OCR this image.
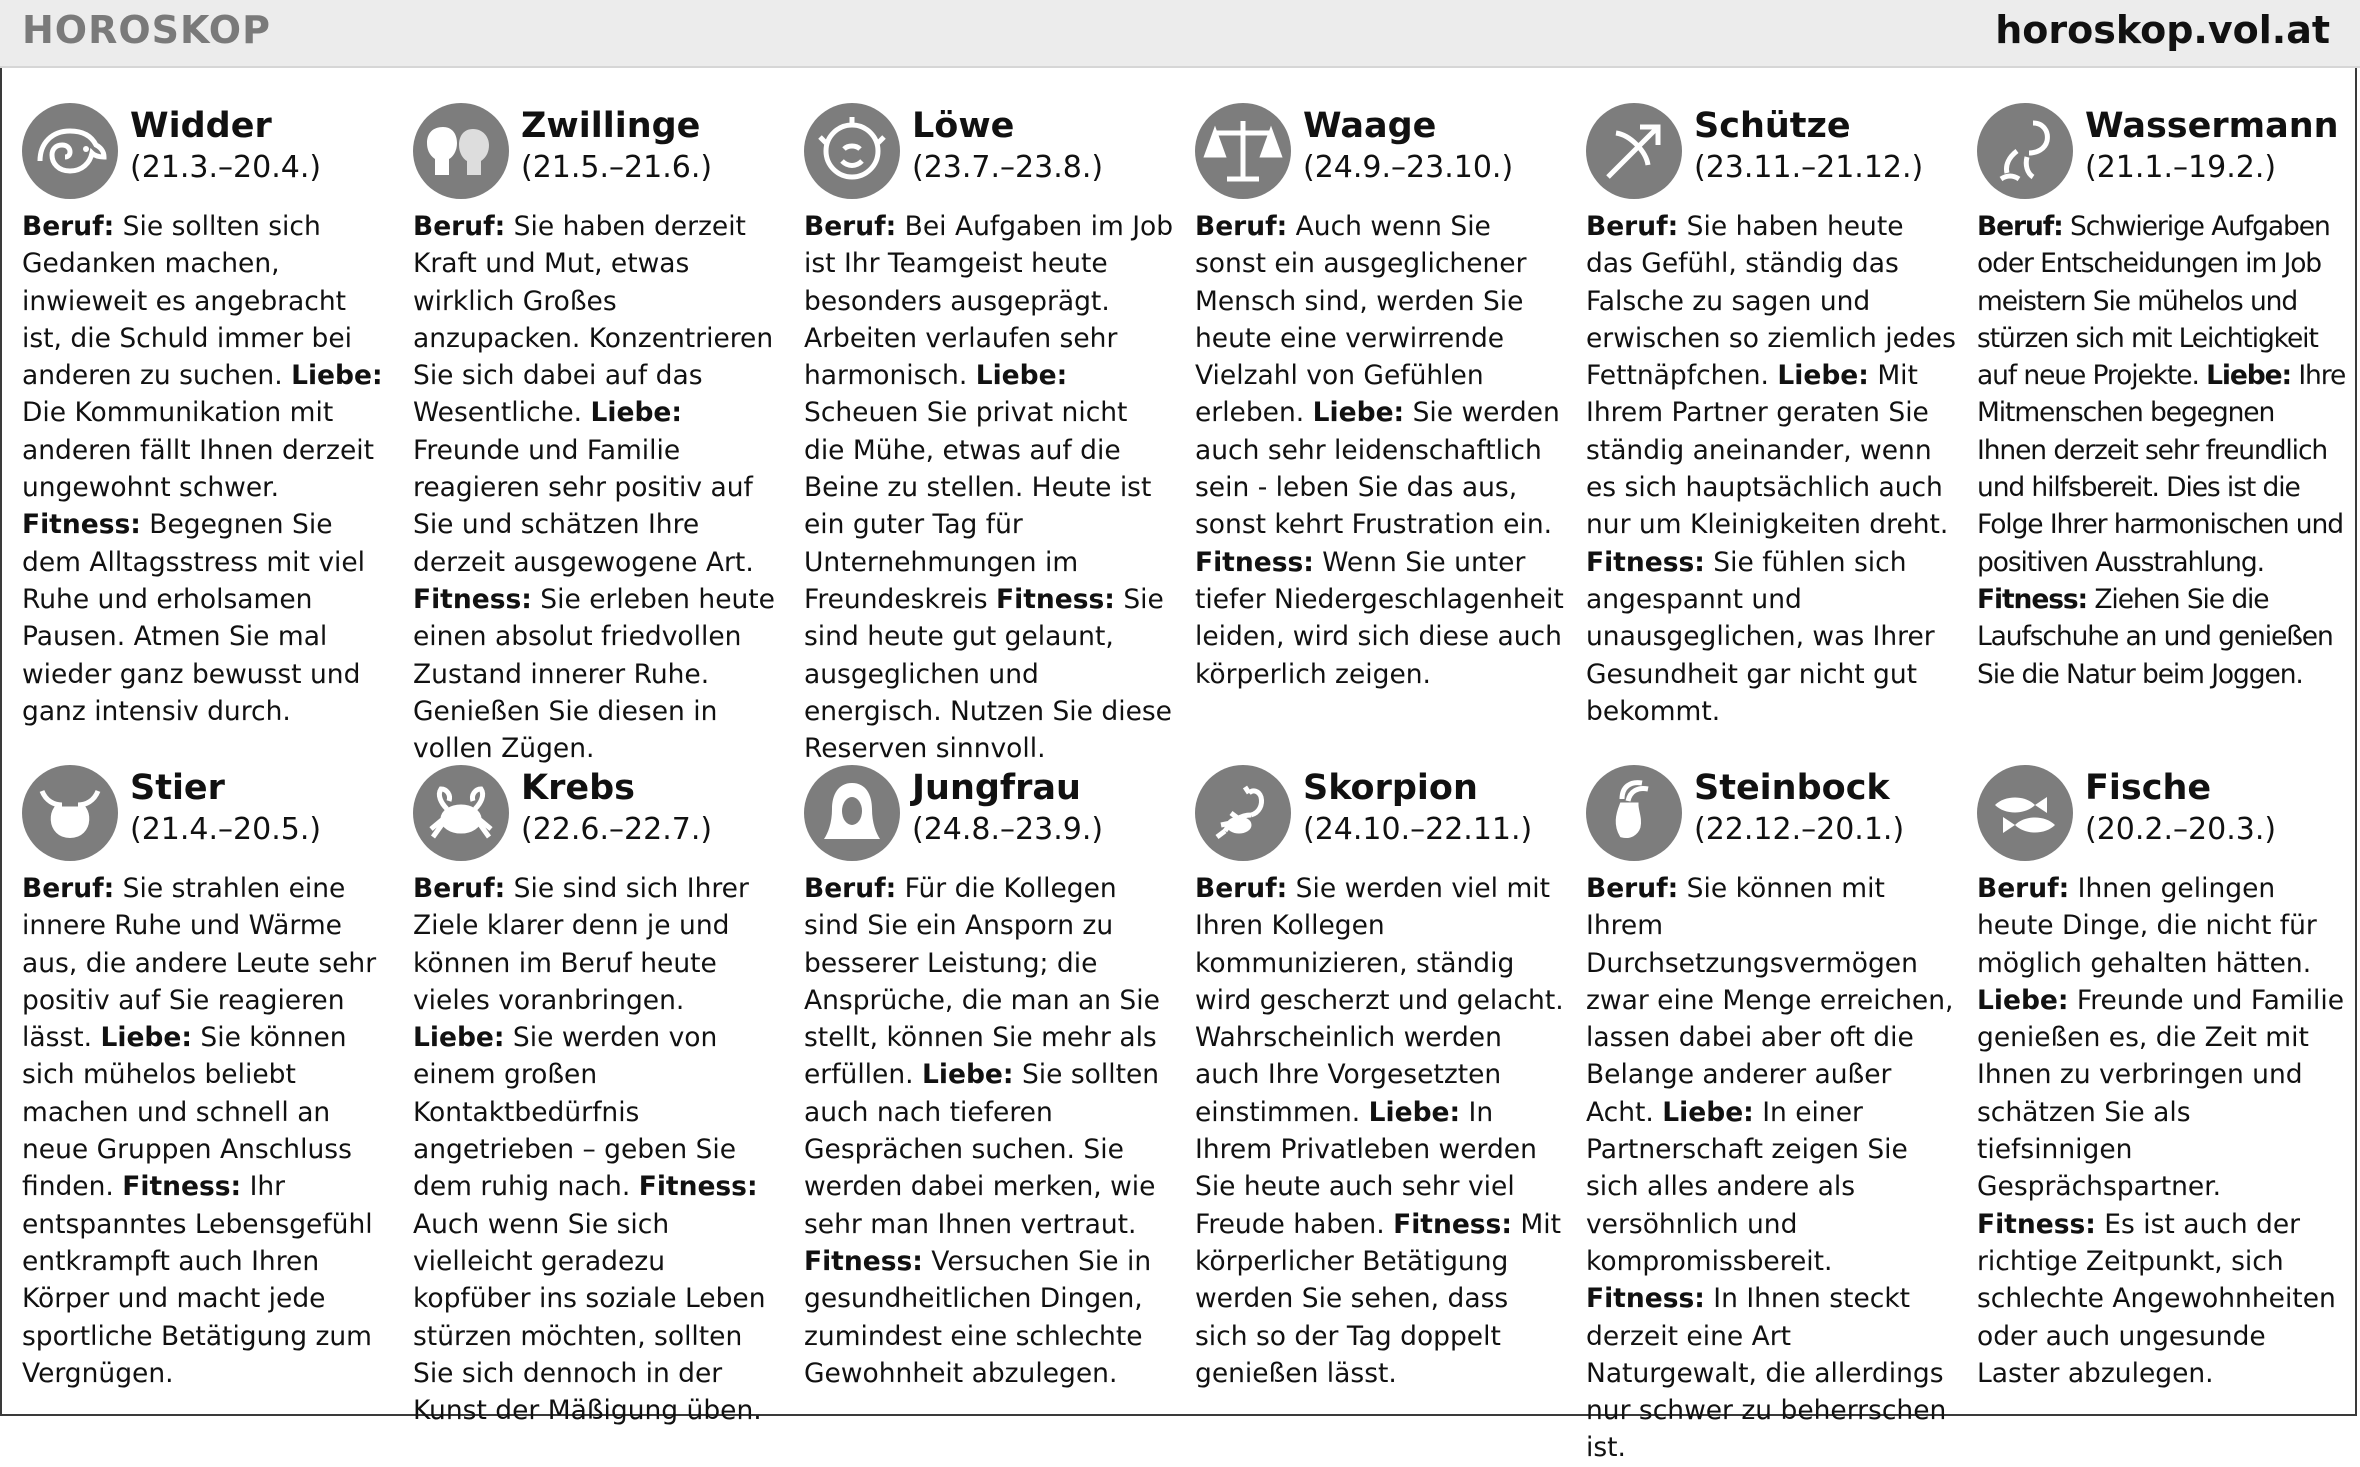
HOROSKOP	horoskop.vol.at
Widder
(21.3.–20.4.)
Beruf: Sie sollten sich Gedanken machen, inwieweit es angebracht ist, die Schuld immer bei anderen zu suchen. Liebe: Die Kommunikation mit anderen fällt Ihnen derzeit ungewohnt schwer. Fitness: Begegnen Sie dem Alltagsstress mit viel Ruhe und erholsamen Pausen. Atmen Sie mal wieder ganz bewusst und ganz intensiv durch.
Zwillinge
(21.5.–21.6.)
Beruf: Sie haben derzeit Kraft und Mut, etwas wirklich Großes anzupacken. Konzentrieren Sie sich dabei auf das Wesentliche. Liebe: Freunde und Familie reagieren sehr positiv auf Sie und schätzen Ihre derzeit ausgewogene Art. Fitness: Sie erleben heute einen absolut friedvollen Zustand innerer Ruhe. Genießen Sie diesen in vollen Zügen.
Löwe
(23.7.–23.8.)
Beruf: Bei Aufgaben im Job ist Ihr Teamgeist heute besonders ausgeprägt. Arbeiten verlaufen sehr harmonisch. Liebe: Scheuen Sie privat nicht die Mühe, etwas auf die Beine zu stellen. Heute ist ein guter Tag für Unternehmungen im Freundeskreis Fitness: Sie sind heute gut gelaunt, ausgeglichen und energisch. Nutzen Sie diese Reserven sinnvoll.
Waage
(24.9.–23.10.)
Beruf: Auch wenn Sie sonst ein ausgeglichener Mensch sind, werden Sie heute eine verwirrende Vielzahl von Gefühlen erleben. Liebe: Sie werden auch sehr leidenschaftlich sein - leben Sie das aus, sonst kehrt Frustration ein. Fitness: Wenn Sie unter tiefer Niedergeschlagenheit leiden, wird sich diese auch körperlich zeigen.
Schütze
(23.11.–21.12.)
Beruf: Sie haben heute das Gefühl, ständig das Falsche zu sagen und erwischen so ziemlich jedes Fettnäpfchen. Liebe: Mit Ihrem Partner geraten Sie ständig aneinander, wenn es sich hauptsächlich auch nur um Kleinigkeiten dreht. Fitness: Sie fühlen sich angespannt und unausgeglichen, was Ihrer Gesundheit gar nicht gut bekommt.
Wassermann
(21.1.–19.2.)
Beruf: Schwierige Aufgaben oder Entscheidungen im Job meistern Sie mühelos und stürzen sich mit Leichtigkeit auf neue Projekte. Liebe: Ihre Mitmenschen begegnen Ihnen derzeit sehr freundlich und hilfsbereit. Dies ist die Folge Ihrer harmonischen und positiven Ausstrahlung. Fitness: Ziehen Sie die Laufschuhe an und genießen Sie die Natur beim Joggen.
Stier
(21.4.–20.5.)
Beruf: Sie strahlen eine innere Ruhe und Wärme aus, die andere Leute sehr positiv auf Sie reagieren lässt. Liebe: Sie können sich mühelos beliebt machen und schnell an neue Gruppen Anschluss finden. Fitness: Ihr entspanntes Lebensgefühl entkrampft auch Ihren Körper und macht jede sportliche Betätigung zum Vergnügen.
Krebs
(22.6.–22.7.)
Beruf: Sie sind sich Ihrer Ziele klarer denn je und können im Beruf heute vieles voranbringen. Liebe: Sie werden von einem großen Kontaktbedürfnis angetrieben – geben Sie dem ruhig nach. Fitness: Auch wenn Sie sich vielleicht geradezu kopfüber ins soziale Leben stürzen möchten, sollten Sie sich dennoch in der Kunst der Mäßigung üben.
Jungfrau
(24.8.–23.9.)
Beruf: Für die Kollegen sind Sie ein Ansporn zu besserer Leistung; die Ansprüche, die man an Sie stellt, können Sie mehr als erfüllen. Liebe: Sie sollten auch nach tieferen Gesprächen suchen. Sie werden dabei merken, wie sehr man Ihnen vertraut. Fitness: Versuchen Sie in gesundheitlichen Dingen, zumindest eine schlechte Gewohnheit abzulegen.
Skorpion
(24.10.–22.11.)
Beruf: Sie werden viel mit Ihren Kollegen kommunizieren, ständig wird gescherzt und gelacht. Wahrscheinlich werden auch Ihre Vorgesetzten einstimmen. Liebe: In Ihrem Privatleben werden Sie heute auch sehr viel Freude haben. Fitness: Mit körperlicher Betätigung werden Sie sehen, dass sich so der Tag doppelt genießen lässt.
Steinbock
(22.12.–20.1.)
Beruf: Sie können mit Ihrem Durchsetzungsvermögen zwar eine Menge erreichen, lassen dabei aber oft die Belange anderer außer Acht. Liebe: In einer Partnerschaft zeigen Sie sich alles andere als versöhnlich und kompromissbereit. Fitness: In Ihnen steckt derzeit eine Art Naturgewalt, die allerdings nur schwer zu beherrschen ist.
Fische
(20.2.–20.3.)
Beruf: Ihnen gelingen heute Dinge, die nicht für möglich gehalten hätten. Liebe: Freunde und Familie genießen es, die Zeit mit Ihnen zu verbringen und schätzen Sie als tiefsinnigen Gesprächspartner. Fitness: Es ist auch der richtige Zeitpunkt, sich schlechte Angewohnheiten oder auch ungesunde Laster abzulegen.
